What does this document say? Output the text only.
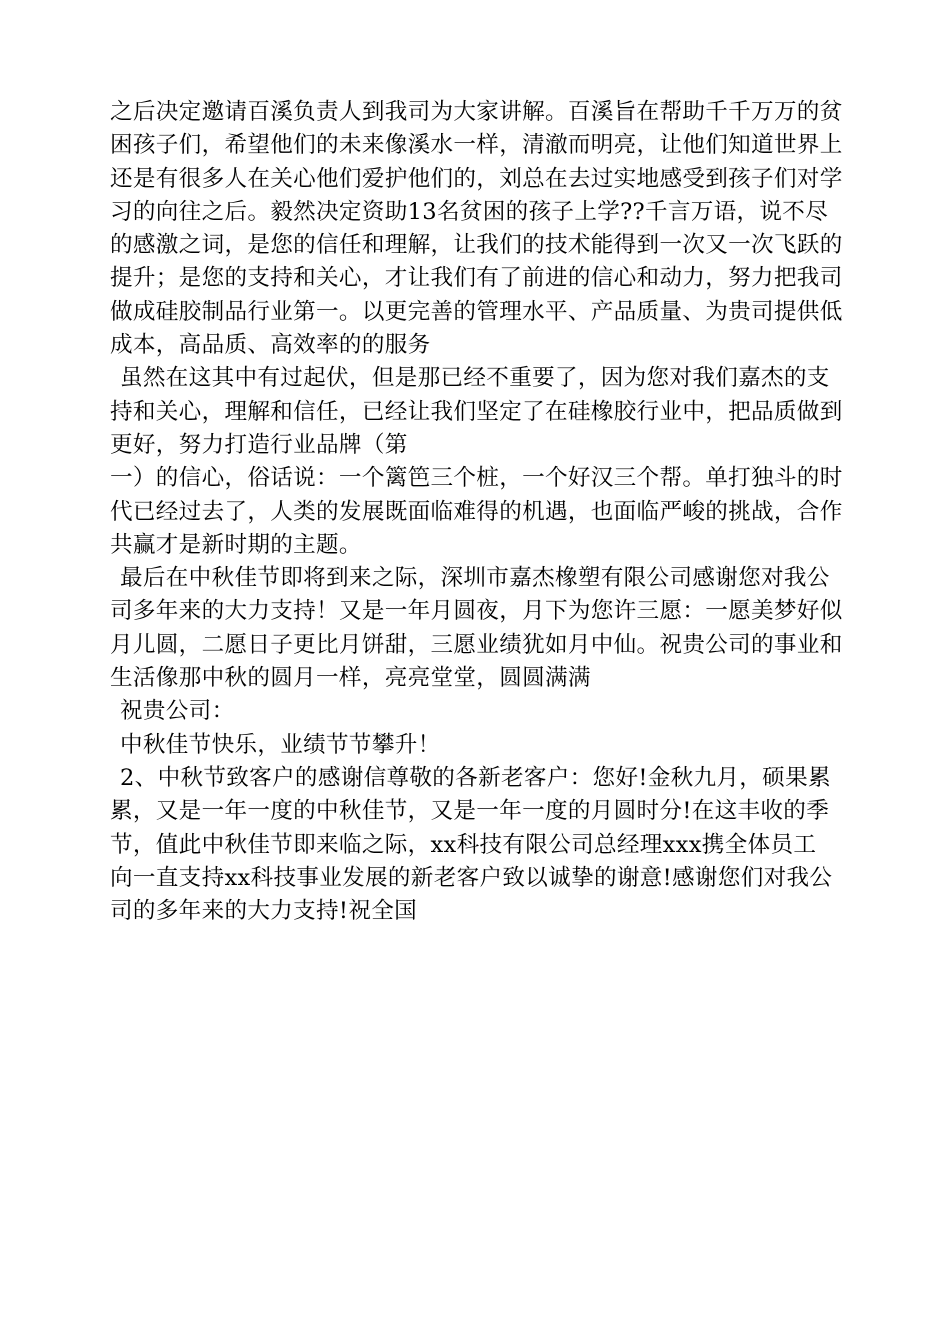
之后决定邀请百溪负责人到我司为大家讲解。百溪旨在帮助千千万万的贫
困孩子们，希望他们的未来像溪水一样，清澈而明亮，让他们知道世界上
还是有很多人在关心他们爱护他们的，刘总在去过实地感受到孩子们对学
习的向往之后。毅然决定资助13名贫困的孩子上学??千言万语，说不尽
的感激之词，是您的信任和理解，让我们的技术能得到一次又一次飞跃的
提升；是您的支持和关心，才让我们有了前进的信心和动力，努力把我司
做成硅胶制品行业第一。以更完善的管理水平、产品质量、为贵司提供低
成本，高品质、高效率的的服务
虽然在这其中有过起伏，但是那已经不重要了，因为您对我们嘉杰的支
持和关心，理解和信任，已经让我们坚定了在硅橡胶行业中，把品质做到
更好，努力打造行业品牌（第
一）的信心，俗话说：一个篱笆三个桩，一个好汉三个帮。单打独斗的时
代已经过去了，人类的发展既面临难得的机遇，也面临严峻的挑战，合作
共赢才是新时期的主题。
最后在中秋佳节即将到来之际，深圳市嘉杰橡塑有限公司感谢您对我公
司多年来的大力支持！又是一年月圆夜，月下为您许三愿：一愿美梦好似
月儿圆，二愿日子更比月饼甜，三愿业绩犹如月中仙。祝贵公司的事业和
生活像那中秋的圆月一样，亮亮堂堂，圆圆满满
祝贵公司：
中秋佳节快乐，业绩节节攀升！
2、中秋节致客户的感谢信尊敬的各新老客户：您好!金秋九月，硕果累
累，又是一年一度的中秋佳节，又是一年一度的月圆时分!在这丰收的季
节，值此中秋佳节即来临之际，xx科技有限公司总经理xxx携全体员工
向一直支持xx科技事业发展的新老客户致以诚挚的谢意!感谢您们对我公
司的多年来的大力支持!祝全国
